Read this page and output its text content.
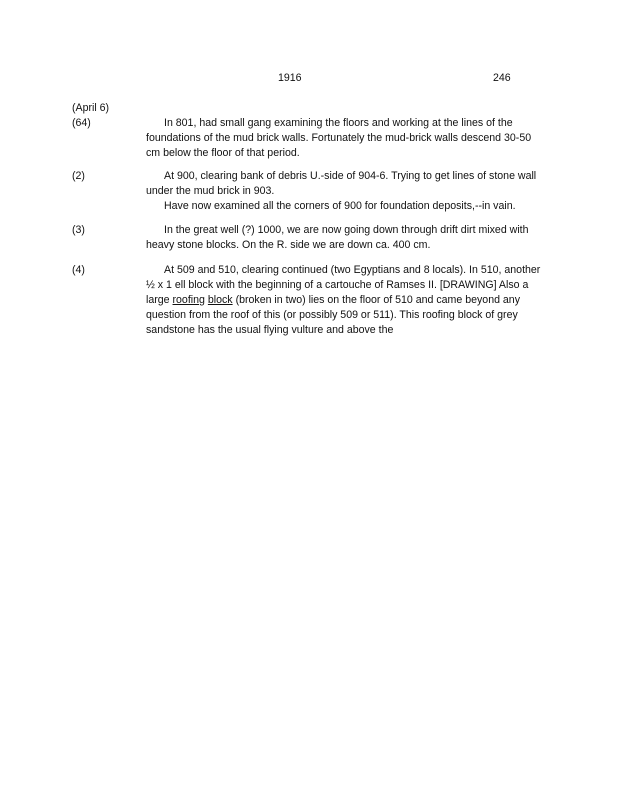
1916	246
(April 6)
(64)	In 801, had small gang examining the floors and working at the lines of the foundations of the mud brick walls. Fortunately the mud-brick walls descend 30-50 cm below the floor of that period.

(2)	At 900, clearing bank of debris U.-side of 904-6. Trying to get lines of stone wall under the mud brick in 903.

Have now examined all the corners of 900 for foundation deposits,--in vain.

(3)	In the great well (?) 1000, we are now going down through drift dirt mixed with heavy stone blocks. On the R. side we are down ca. 400 cm.

(4)	At 509 and 510, clearing continued (two Egyptians and 8 locals). In 510, another ½ x 1 ell block with the beginning of a cartouche of Ramses II. [DRAWING] Also a large roofing block (broken in two) lies on the floor of 510 and came beyond any question from the roof of this (or possibly 509 or 511). This roofing block of grey sandstone has the usual flying vulture and above the
